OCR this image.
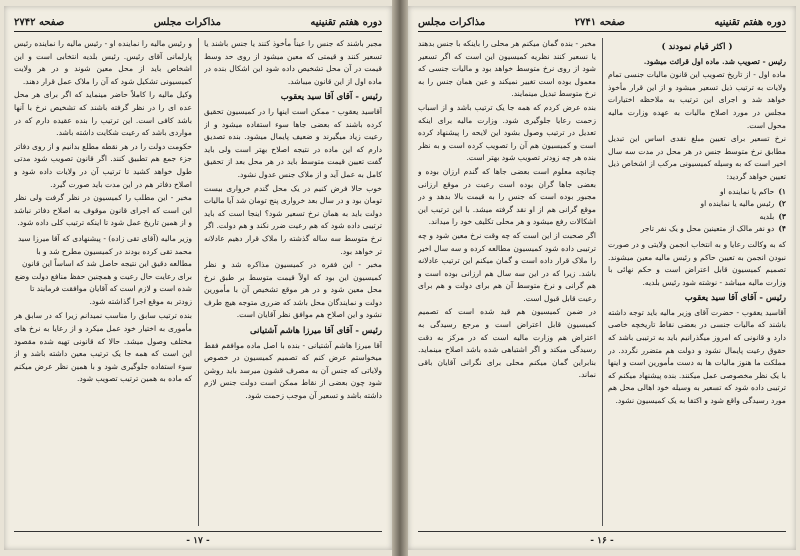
دوره هفتم تقنینیه
مذاکرات مجلس
صفحه ۲۷۴۲

مجبر باشند که جنس را عیناً مأخوذ کنند یا جنس باشند یا تسعیر کنند و قیمتی که معین میشود از روی حد وسط قیمت در آن محل تشخیص داده شود این اشکال بنده در ماده اول از این قانون میباشد.

رئیس - آقای آقا سید یعقوب

آقاسید یعقوب - ممکن است اینها را در کمیسیون تحقیق کرده باشند که بعضی جاها سوء استفاده میشود و از رعیت زیاد میگیرند و ضعیف پایمال میشود. بنده تصدیق دارم که این ماده در نتیجه اصلاح بهتر است ولی باید گفت تعیین قیمت متوسط باید در هر محل بعد از تحقیق کامل به عمل آید و از ملاک جنس عدول نشود.

خوب حالا فرض کنیم در یک محل گندم خرواری بیست تومان بود و در سال بعد خرواری پنج تومان شد آیا مالیات دولت باید به همان نرخ تسعیر شود؟ اینجا است که باید ترتیبی داده شود که هم رعیت ضرر نکند و هم دولت. اگر نرخ متوسط سه ساله گذشته را ملاک قرار دهیم عادلانه تر خواهد بود.

مخبر - این فقره در کمیسیون مذاکره شد و نظر کمیسیون این بود که اولاً قیمت متوسط بر طبق نرخ محل معین شود و در هر موقع تشخیص آن با مأمورین دولت و نمایندگان محل باشد که ضرری متوجه هیچ طرف نشود و این اصلاح هم موافق نظر آقایان است.

رئیس - آقای آقا میرزا هاشم آشتیانی

آقا میرزا هاشم آشتیانی - بنده با اصل ماده موافقم فقط میخواستم عرض کنم که تصمیم کمیسیون در خصوص ولایاتی که جنس آن به مصرف قشون میرسد باید روشن شود چون بعضی از نقاط ممکن است دولت جنس لازم داشته باشد و تسعیر آن موجب زحمت شود.

و رئیس مالیه را نماینده او - رئیس مالیه را نماینده رئیس پارلمانی آقای رئیس. رئیس بلدیه انتخابی است و این اشخاص باید از محل معین شوند و در هر ولایت کمیسیونی تشکیل شود که آن را ملاک عمل قرار دهند.

وکیل مالیه را کاملاً حاضر مینماید که اگر برای هر محل عده ای را در نظر گرفته باشند که تشخیص نرخ با آنها باشد کافی است. این ترتیب را بنده عقیده دارم که در مواردی باشد که رعیت شکایت داشته باشد.

حکومت دولت را در هر نقطه مطلع بدانیم و از روی دفاتر جزء جمع هم تطبیق کنند. اگر قانون تصویب شود مدتی طول خواهد کشید تا ترتیب آن در ولایات داده شود و اصلاح دفاتر هم در این مدت باید صورت گیرد.

مخبر - این مطلب را کمیسیون در نظر گرفت ولی نظر این است که اجرای قانون موقوف به اصلاح دفاتر نباشد و از همین تاریخ عمل شود تا اینکه ترتیب کلی داده شود.

وزیر مالیه (آقای تقی زاده) - پیشنهادی که آقا میرزا سید محمد تقی کرده بودند در کمیسیون مطرح شد و با مطالعه دقیق این نتیجه حاصل شد که اساساً این قانون برای رعایت حال رعیت و همچنین حفظ منافع دولت وضع شده است و لازم است که آقایان موافقت فرمایند تا زودتر به موقع اجرا گذاشته شود.

بنده ترتیب سابق را مناسب نمیدانم زیرا که در سابق هر مأموری به اختیار خود عمل میکرد و از رعایا به نرخ های مختلف وصول میشد. حالا که قانونی تهیه شده مقصود این است که همه جا یک ترتیب معین داشته باشد و از سوء استفاده جلوگیری شود و با همین نظر عرض میکنم که ماده به همین ترتیب تصویب شود.

- ۱۷ -
دوره هفتم تقنینیه
صفحه ۲۷۴۱
مذاکرات مجلس
( اکثر قیام نمودند )

رئیس - تصویب شد. ماده اول قرائت میشود.

ماده اول - از تاریخ تصویب این قانون مالیات جنسی تمام ولایات به ترتیب ذیل تسعیر میشود و از این قرار مأخوذ خواهد شد و اجرای این ترتیب به ملاحظه اختیارات مجلس در مورد اصلاح مالیات به عهده وزارت مالیه محول است.

نرخ تسعیر برای تعیین مبلغ نقدی اساس این تبدیل مطابق نرخ متوسط جنس در هر محل در مدت سه سال اخیر است که به وسیله کمیسیونی مرکب از اشخاص ذیل تعیین خواهد گردید:

۱)حاکم یا نماینده او
۲)رئیس مالیه یا نماینده او
۳)بلدیه
۴)دو نفر مالک از متعینین محل و یک نفر تاجر

که به وکالت رعایا و به انتخاب انجمن ولایتی و در صورت نبودن انجمن به تعیین حاکم و رئیس مالیه معین میشوند. تصمیم کمیسیون قابل اعتراض است و حکم نهائی با وزارت مالیه میباشد - نوشته شود رئیس بلدیه.

رئیس - آقای آقا سید یعقوب

آقاسید یعقوب - حضرت آقای وزیر مالیه باید توجه داشته باشند که مالیات جنسی در بعضی نقاط تاریخچه خاصی دارد و قانونی که امروز میگذرانیم باید به ترتیبی باشد که حقوق رعیت پایمال نشود و دولت هم متضرر نگردد. در مملکت ما هنوز مالیات ها به دست مأمورین است و اینها با یک نظر مخصوصی عمل میکنند. بنده پیشنهاد میکنم که ترتیبی داده شود که تسعیر به وسیله خود اهالی محل هم مورد رسیدگی واقع شود و اکتفا به یک کمیسیون نشود.

مخبر - بنده گمان میکنم هر محلی را باینکه با جنس بدهند یا نسعیر کنند نظریه کمیسیون این است که اگر تسعیر شود از روی نرخ متوسط خواهد بود و مالیات جنسی که معمول بوده است تغییر نمیکند و عین همان جنس را به نرخ متوسط تبدیل مینمایند.

بنده عرض کردم که همه جا یک ترتیب باشد و از اسباب زحمت رعایا جلوگیری شود. وزارت مالیه برای اینکه تعدیل در ترتیب وصول بشود این لایحه را پیشنهاد کرده است و کمیسیون هم آن را تصویب کرده است و به نظر بنده هر چه زودتر تصویب شود بهتر است.

چنانچه معلوم است بعضی جاها که گندم ارزان بوده و بعضی جاها گران بوده است رعیت در موقع ارزانی مجبور بوده است که جنس را به قیمت بالا بدهد و در موقع گرانی هم از او نقد گرفته میشد. با این ترتیب این اشکالات رفع میشود و هر محلی تکلیف خود را میداند.

اگر صحبت از این است که چه وقت نرخ معین شود و چه ترتیبی داده شود کمیسیون مطالعه کرده و سه سال اخیر را ملاک قرار داده است و گمان میکنم این ترتیب عادلانه باشد. زیرا که در این سه سال هم ارزانی بوده است و هم گرانی و نرخ متوسط آن هم برای دولت و هم برای رعیت قابل قبول است.

در ضمن کمیسیون هم قید شده است که تصمیم کمیسیون قابل اعتراض است و مرجع رسیدگی به اعتراض هم وزارت مالیه است که در مرکز به دقت رسیدگی میکند و اگر اشتباهی شده باشد اصلاح مینماید. بنابراین گمان میکنم محلی برای نگرانی آقایان باقی نماند.

- ۱۶ -
